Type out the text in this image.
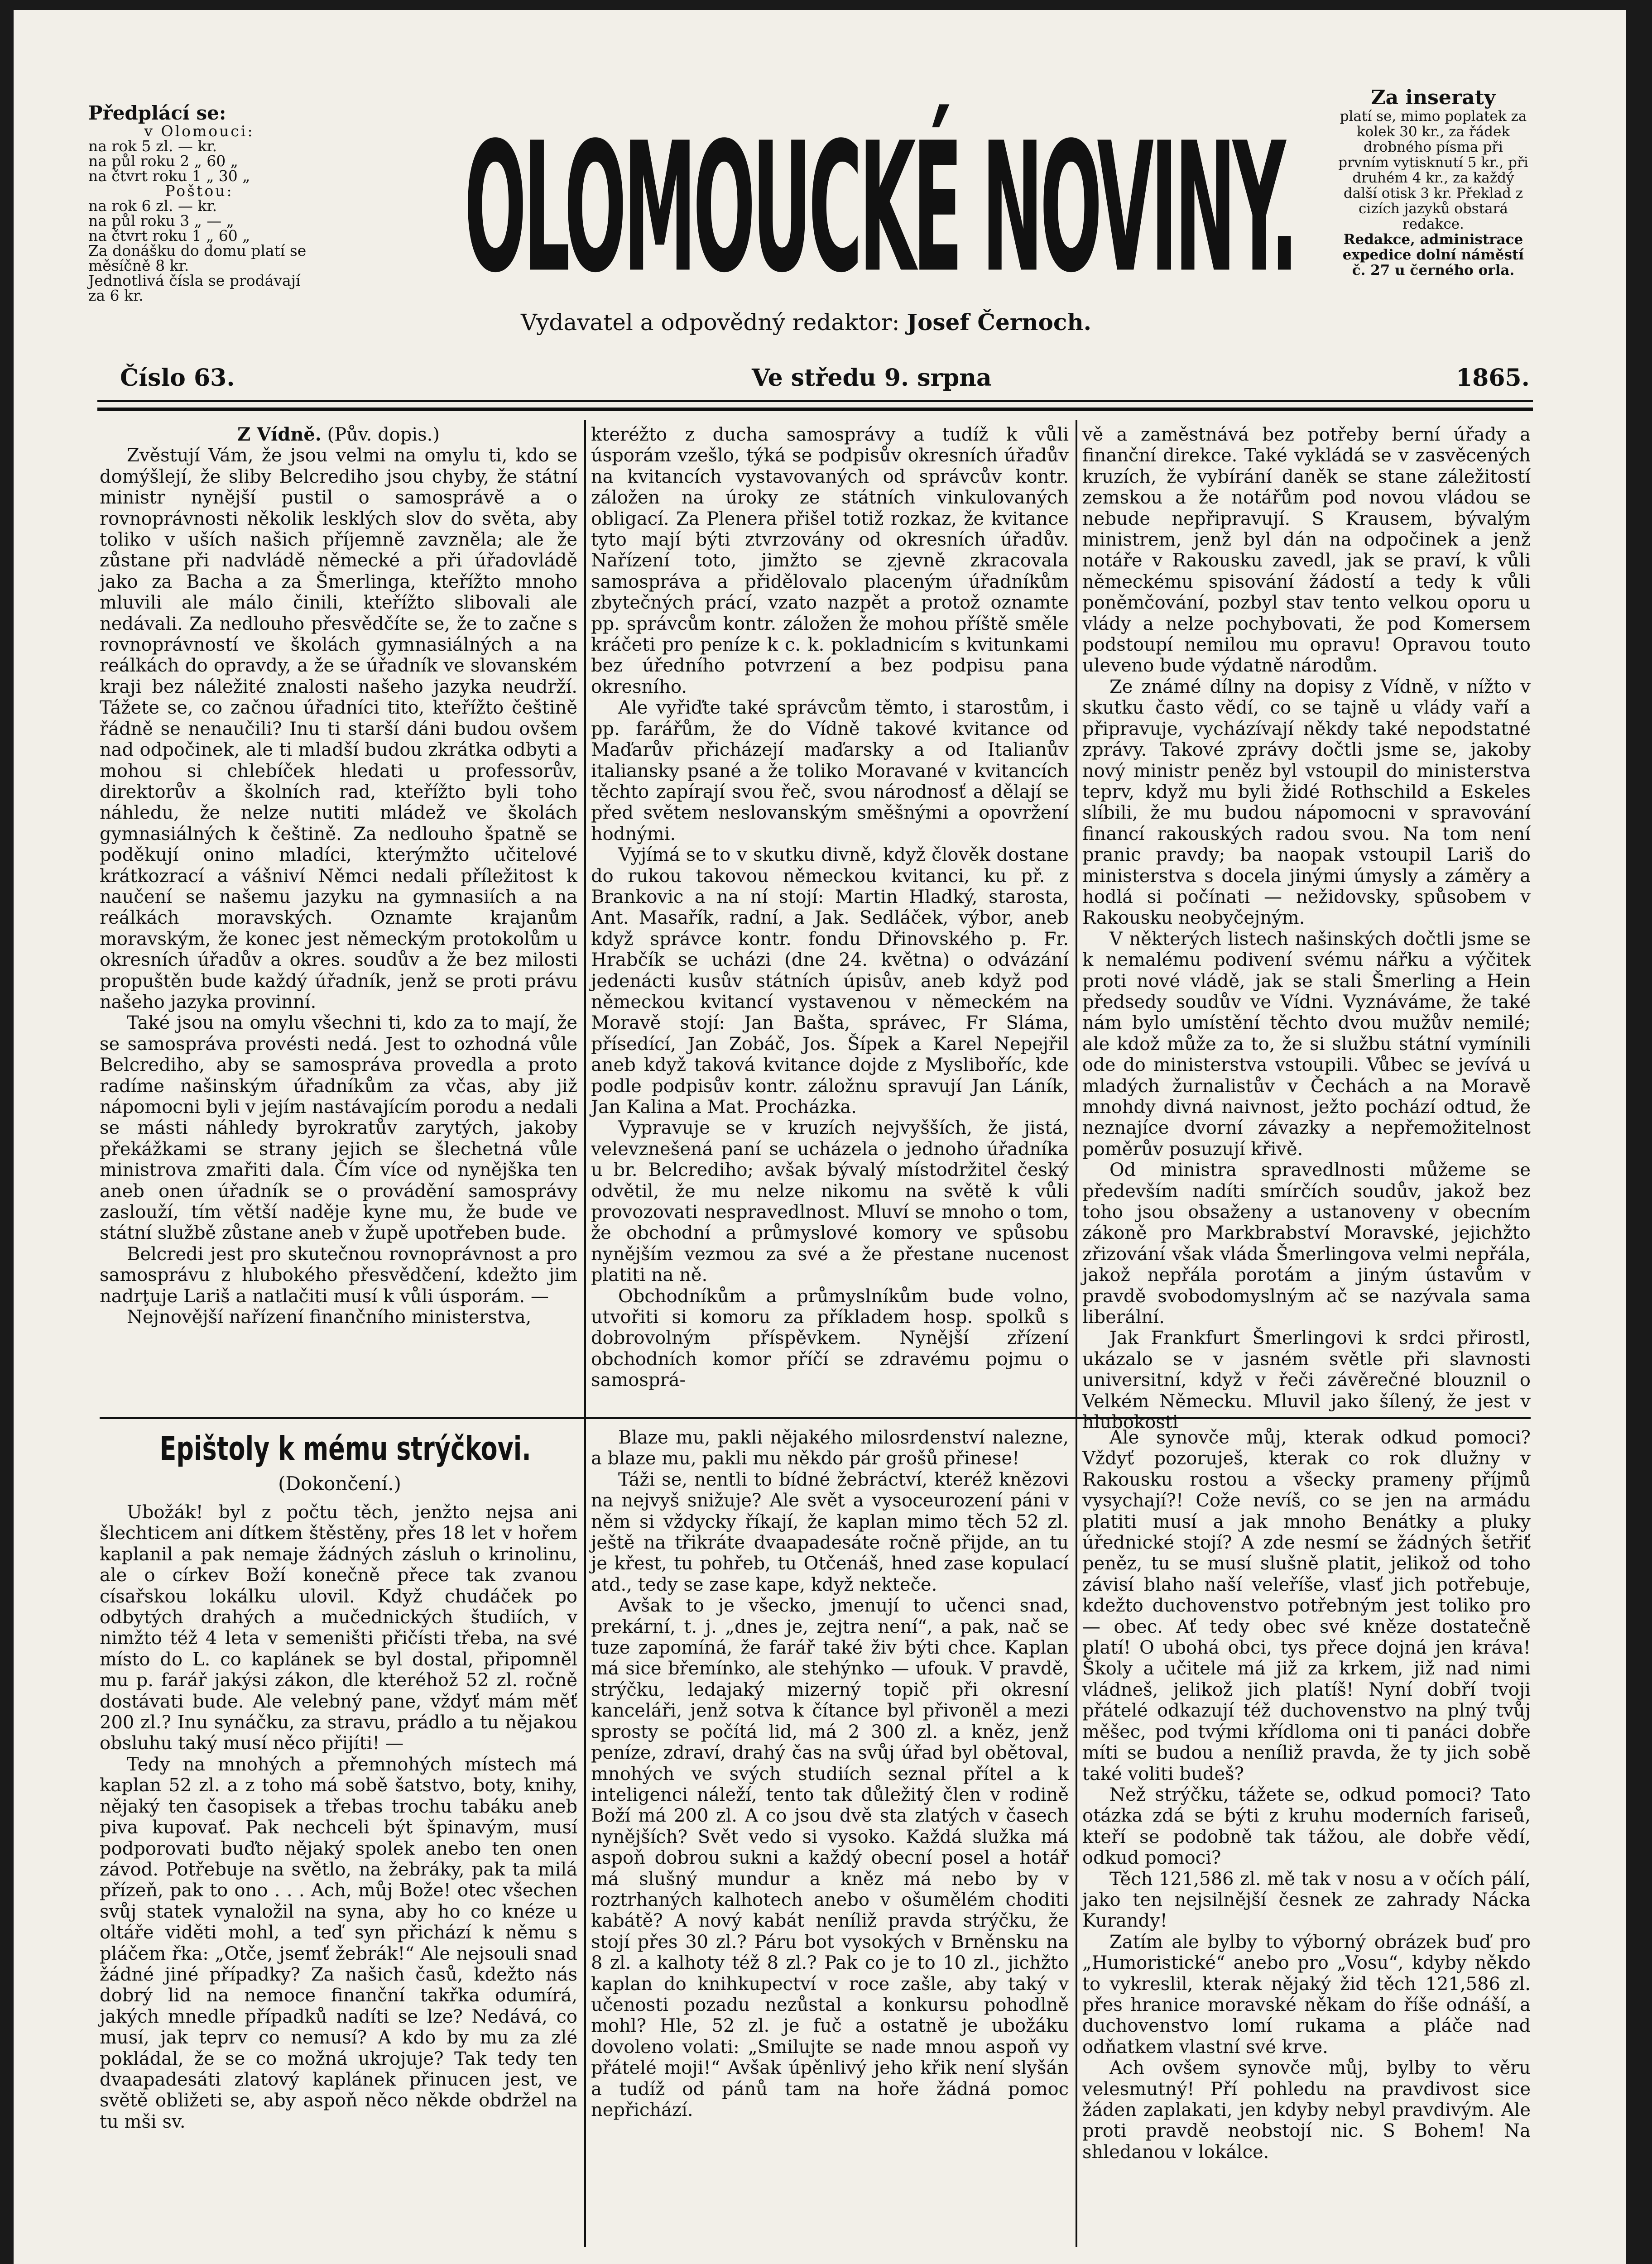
Předplácí se:
v Olomouci:
na rok 5 zl. — kr.
na půl roku 2 „ 60 „
na čtvrt roku 1 „ 30 „
Poštou:
na rok 6 zl. — kr.
na půl roku 3 „ — „
na čtvrt roku 1 „ 60 „
Za donášku do domu platí se měsíčně 8 kr.
Jednotlivá čísla se prodávají za 6 kr.	OLOMOUCKÉ NOVINY.
Vydavatel a odpovědný redaktor: Josef Černoch.
Za inseraty
platí se, mimo poplatek za kolek 30 kr., za řádek drobného písma při prvním vytisknutí 5 kr., při druhém 4 kr., za každý další otisk 3 kr. Překlad z cizích jazyků obstará redakce.
Redakce, administrace expedice dolní náměstí č. 27 u černého orla.
Číslo 63.	Ve středu 9. srpna	1865.

Z Vídně. (Pův. dopis.)

Zvěstují Vám, že jsou velmi na omylu ti, kdo se domýšlejí, že sliby Belcrediho jsou chyby, že státní ministr nynější pustil o samosprávě a o rovnoprávnosti několik lesklých slov do světa, aby toliko v uších našich příjemně zavzněla; ale že zůstane při nadvládě německé a při úřadovládě jako za Bacha a za Šmerlinga, kteřížto mnoho mluvili ale málo činili, kteřížto slibovali ale nedávali. Za nedlouho přesvědčíte se, že to začne s rovnoprávností ve školách gymnasiálných a na reálkách do opravdy, a že se úřadník ve slovanském kraji bez náležité znalosti našeho jazyka neudrží. Tážete se, co začnou úřadníci tito, kteřížto češtině řádně se nenaučili? Inu ti starší dáni budou ovšem nad odpočinek, ale ti mladší budou zkrátka odbyti a mohou si chlebíček hledati u professorův, direktorův a školních rad, kteřížto byli toho náhledu, že nelze nutiti mládež ve školách gymnasiálných k češtině. Za nedlouho špatně se poděkují onino mladíci, kterýmžto učitelové krátkozrací a vášniví Němci nedali příležitost k naučení se našemu jazyku na gymnasiích a na reálkách moravských. Oznamte krajanům moravským, že konec jest německým protokolům u okresních úřadův a okres. soudův a že bez milosti propuštěn bude každý úřadník, jenž se proti právu našeho jazyka provinní.

Také jsou na omylu všechni ti, kdo za to mají, že se samospráva provésti nedá. Jest to ozhodná vůle Belcrediho, aby se samospráva provedla a proto radíme našinským úřadníkům za včas, aby již nápomocni byli v jejím nastávajícím porodu a nedali se másti náhledy byrokratův zarytých, jakoby překážkami se strany jejich se šlechetná vůle ministrova zmařiti dala. Čím více od nynějška ten aneb onen úřadník se o provádění samosprávy zaslouží, tím větší naděje kyne mu, že bude ve státní službě zůstane aneb v župě upotřeben bude.

Belcredi jest pro skutečnou rovnoprávnost a pro samosprávu z hlubokého přesvědčení, kdežto jim nadrţuje Lariš a natlačiti musí k vůli úsporám. —

Nejnovější nařízení finančního ministerstva,

kteréžto z ducha samosprávy a tudíž k vůli úsporám vzešlo, týká se podpisův okresních úřadův na kvitancích vystavovaných od správcův kontr. záložen na úroky ze státních vinkulovaných obligací. Za Plenera přišel totiž rozkaz, že kvitance tyto mají býti ztvrzovány od okresních úřadův. Nařízení toto, jimžto se zjevně zkracovala samospráva a přidělovalo placeným úřadníkům zbytečných prácí, vzato nazpět a protož oznamte pp. správcům kontr. záložen že mohou příště směle kráčeti pro peníze k c. k. pokladnicím s kvitunkami bez úředního potvrzení a bez podpisu pana okresního.

Ale vyřiďte také správcům těmto, i starostům, i pp. farářům, že do Vídně takové kvitance od Maďarův přicházejí maďarsky a od Italianův italiansky psané a že toliko Moravané v kvitancích těchto zapírají svou řeč, svou národnosť a dělají se před světem neslovanským směšnými a opovržení hodnými.

Vyjímá se to v skutku divně, když člověk dostane do rukou takovou německou kvitanci, ku př. z Brankovic a na ní stojí: Martin Hladký, starosta, Ant. Masařík, radní, a Jak. Sedláček, výbor, aneb když správce kontr. fondu Dřinovského p. Fr. Hrabčík se ucházi (dne 24. května) o odvázání jedenácti kusův státních úpisův, aneb když pod německou kvitancí vystavenou v německém na Moravě stojí: Jan Bašta, správec, Fr Sláma, přísedící, Jan Zobáč, Jos. Šípek a Karel Nepejřil aneb když taková kvitance dojde z Mysliboříc, kde podle podpisův kontr. záložnu spravují Jan Láník, Jan Kalina a Mat. Procházka.

Vypravuje se v kruzích nejvyšších, že jistá, velevznešená paní se ucházela o jednoho úřadníka u br. Belcrediho; avšak bývalý místodržitel český odvětil, že mu nelze nikomu na světě k vůli provozovati nespravedlnost. Mluví se mnoho o tom, že obchodní a průmyslové komory ve spůsobu nynějším vezmou za své a že přestane nucenost platiti na ně.

Obchodníkům a průmyslníkům bude volno, utvořiti si komoru za příkladem hosp. spolků s dobrovolným příspěvkem. Nynější zřízení obchodních komor příčí se zdravému pojmu o samosprá-

vě a zaměstnává bez potřeby berní úřady a finanční direkce. Také vykládá se v zasvěcených kruzích, že vybírání daněk se stane záležitostí zemskou a že notářům pod novou vládou se nebude nepřipravují. S Krausem, bývalým ministrem, jenž byl dán na odpočinek a jenž notáře v Rakousku zavedl, jak se praví, k vůli německému spisování žádostí a tedy k vůli poněmčování, pozbyl stav tento velkou oporu u vlády a nelze pochybovati, že pod Komersem podstoupí nemilou mu opravu! Opravou touto uleveno bude výdatně národům.

Ze známé dílny na dopisy z Vídně, v nížto v skutku často vědí, co se tajně u vlády vaří a připravuje, vycházívají někdy také nepodstatné zprávy. Takové zprávy dočtli jsme se, jakoby nový ministr peněz byl vstoupil do ministerstva teprv, když mu byli židé Rothschild a Eskeles slíbili, že mu budou nápomocni v spravování financí rakouských radou svou. Na tom není pranic pravdy; ba naopak vstoupil Lariš do ministerstva s docela jinými úmysly a záměry a hodlá si počínati — nežidovsky, spůsobem v Rakousku neobyčejným.

V některých listech našinských dočtli jsme se k nemalému podivení svému nářku a výčitek proti nové vládě, jak se stali Šmerling a Hein předsedy soudův ve Vídni. Vyznáváme, že také nám bylo umístění těchto dvou mužův nemilé; ale kdož může za to, že si službu státní vymínili ode do ministerstva vstoupili. Vůbec se jevívá u mladých žurnalistův v Čechách a na Moravě mnohdy divná naivnost, ježto pochází odtud, že neznajíce dvorní závazky a nepřemožitelnost poměrův posuzují křivě.

Od ministra spravedlnosti můžeme se především nadíti smírčích soudův, jakož bez toho jsou obsaženy a ustanoveny v obecním zákoně pro Markbrabství Moravské, jejichžto zřizování však vláda Šmerlingova velmi nepřála, jakož nepřála porotám a jiným ústavům v pravdě svobodomyslným ač se nazývala sama liberální.

Jak Frankfurt Šmerlingovi k srdci přirostl, ukázalo se v jasném světle při slavnosti universitní, když v řeči závěrečné blouznil o Velkém Německu. Mluvil jako šílený, že jest v hlubokosti

Epištoly k mému strýčkovi.
(Dokončení.)

Ubožák! byl z počtu těch, jenžto nejsa ani šlechticem ani dítkem štěstěny, přes 18 let v hořem kaplanil a pak nemaje žádných zásluh o krinolinu, ale o církev Boží konečně přece tak zvanou císařskou lokálku ulovil. Když chudáček po odbytých drahých a mučednických študiích, v nimžto též 4 leta v semeništi přičísti třeba, na své místo do L. co kaplánek se byl dostal, připomněl mu p. farář jakýsi zákon, dle kteréhož 52 zl. ročně dostávati bude. Ale velebný pane, vždyť mám měť 200 zl.? Inu synáčku, za stravu, prádlo a tu nějakou obsluhu taký musí něco přijíti! —

Tedy na mnohých a přemnohých místech má kaplan 52 zl. a z toho má sobě šatstvo, boty, knihy, nějaký ten časopisek a třebas trochu tabáku aneb piva kupovať. Pak nechceli být špinavým, musí podporovati buďto nějaký spolek anebo ten onen závod. Potřebuje na světlo, na žebráky, pak ta milá přízeň, pak to ono . . . Ach, můj Bože! otec všechen svůj statek vynaložil na syna, aby ho co knéze u oltáře viděti mohl, a teď syn přichází k němu s pláčem řka: „Otče, jsemť žebrák!“ Ale nejsouli snad žádné jiné případky? Za našich časů, kdežto nás dobrý lid na nemoce finanční takřka odumírá, jakých mnedle případků nadíti se lze? Nedává, co musí, jak teprv co nemusí? A kdo by mu za zlé pokládal, že se co možná ukrojuje? Tak tedy ten dvaapadesáti zlatový kaplánek přinucen jest, ve světě obližeti se, aby aspoň něco někde obdržel na tu mši sv.

Blaze mu, pakli nějakého milosrdenství nalezne, a blaze mu, pakli mu někdo pár grošů přinese!

Táži se, nentli to bídné žebráctví, kteréž knězovi na nejvyš snižuje? Ale svět a vysoceurození páni v něm si vždycky říkají, že kaplan mimo těch 52 zl. ještě na třikráte dvaapadesáte ročně přijde, an tu je křest, tu pohřeb, tu Otčenáš, hned zase kopulací atd., tedy se zase kape, když nekteče.

Avšak to je všecko, jmenují to učenci snad, prekární, t. j. „dnes je, zejtra není“, a pak, nač se tuze zapomíná, že farář také živ býti chce. Kaplan má sice břemínko, ale stehýnko — ufouk. V pravdě, strýčku, ledajaký mizerný topič při okresní kanceláři, jenž sotva k čítance byl přivoněl a mezi sprosty se počítá lid, má 2 300 zl. a kněz, jenž peníze, zdraví, drahý čas na svůj úřad byl obětoval, mnohých ve svých studiích seznal přítel a k inteligenci náleží, tento tak důležitý člen v rodině Boží má 200 zl. A co jsou dvě sta zlatých v časech nynějších? Svět vedo si vysoko. Každá služka má aspoň dobrou sukni a každý obecní posel a hotář má slušný mundur a kněz má nebo by v roztrhaných kalhotech anebo v ošumělém choditi kabátě? A nový kabát neníliž pravda strýčku, že stojí přes 30 zl.? Páru bot vysokých v Brněnsku na 8 zl. a kalhoty též 8 zl.? Pak co je to 10 zl., jichžto kaplan do knihkupectví v roce zašle, aby taký v učenosti pozadu nezůstal a konkursu pohodlně mohl? Hle, 52 zl. je fuč a ostatně je ubožáku dovoleno volati: „Smilujte se nade mnou aspoň vy přátelé moji!“ Avšak úpěnlivý jeho křik není slyšán a tudíž od pánů tam na hoře žádná pomoc nepřichází.

Ale synovče můj, kterak odkud pomoci? Vždyť pozoruješ, kterak co rok dlužny v Rakousku rostou a všecky prameny příjmů vysychají?! Cože nevíš, co se jen na armádu platiti musí a jak mnoho Benátky a pluky úřednické stojí? A zde nesmí se žádných šetřiť peněz, tu se musí slušně platit, jelikož od toho závisí blaho naší veleříše, vlasť jich potřebuje, kdežto duchovenstvo potřebným jest toliko pro — obec. Ať tedy obec své kněze dostatečně platí! O ubohá obci, tys přece dojná jen kráva! Školy a učitele má již za krkem, již nad nimi vládneš, jelikož jich platíš! Nyní dobří tvoji přátelé odkazují též duchovenstvo na plný tvůj měšec, pod tvými křídloma oni ti panáci dobře míti se budou a neníliž pravda, že ty jich sobě také voliti budeš?

Než strýčku, tážete se, odkud pomoci? Tato otázka zdá se býti z kruhu moderních fariseů, kteří se podobně tak tážou, ale dobře vědí, odkud pomoci?

Těch 121,586 zl. mě tak v nosu a v očích pálí, jako ten nejsilnější česnek ze zahrady Nácka Kurandy!

Zatím ale bylby to výborný obrázek buď pro „Humoristické“ anebo pro „Vosu“, kdyby někdo to vykreslil, kterak nějaký žid těch 121,586 zl. přes hranice moravské někam do říše odnáší, a duchovenstvo lomí rukama a pláče nad odňatkem vlastní své krve.

Ach ovšem synovče můj, bylby to věru velesmutný! Pří pohledu na pravdivost sice žáden zaplakati, jen kdyby nebyl pravdivým. Ale proti pravdě neobstojí nic. S Bohem! Na shledanou v lokálce.
